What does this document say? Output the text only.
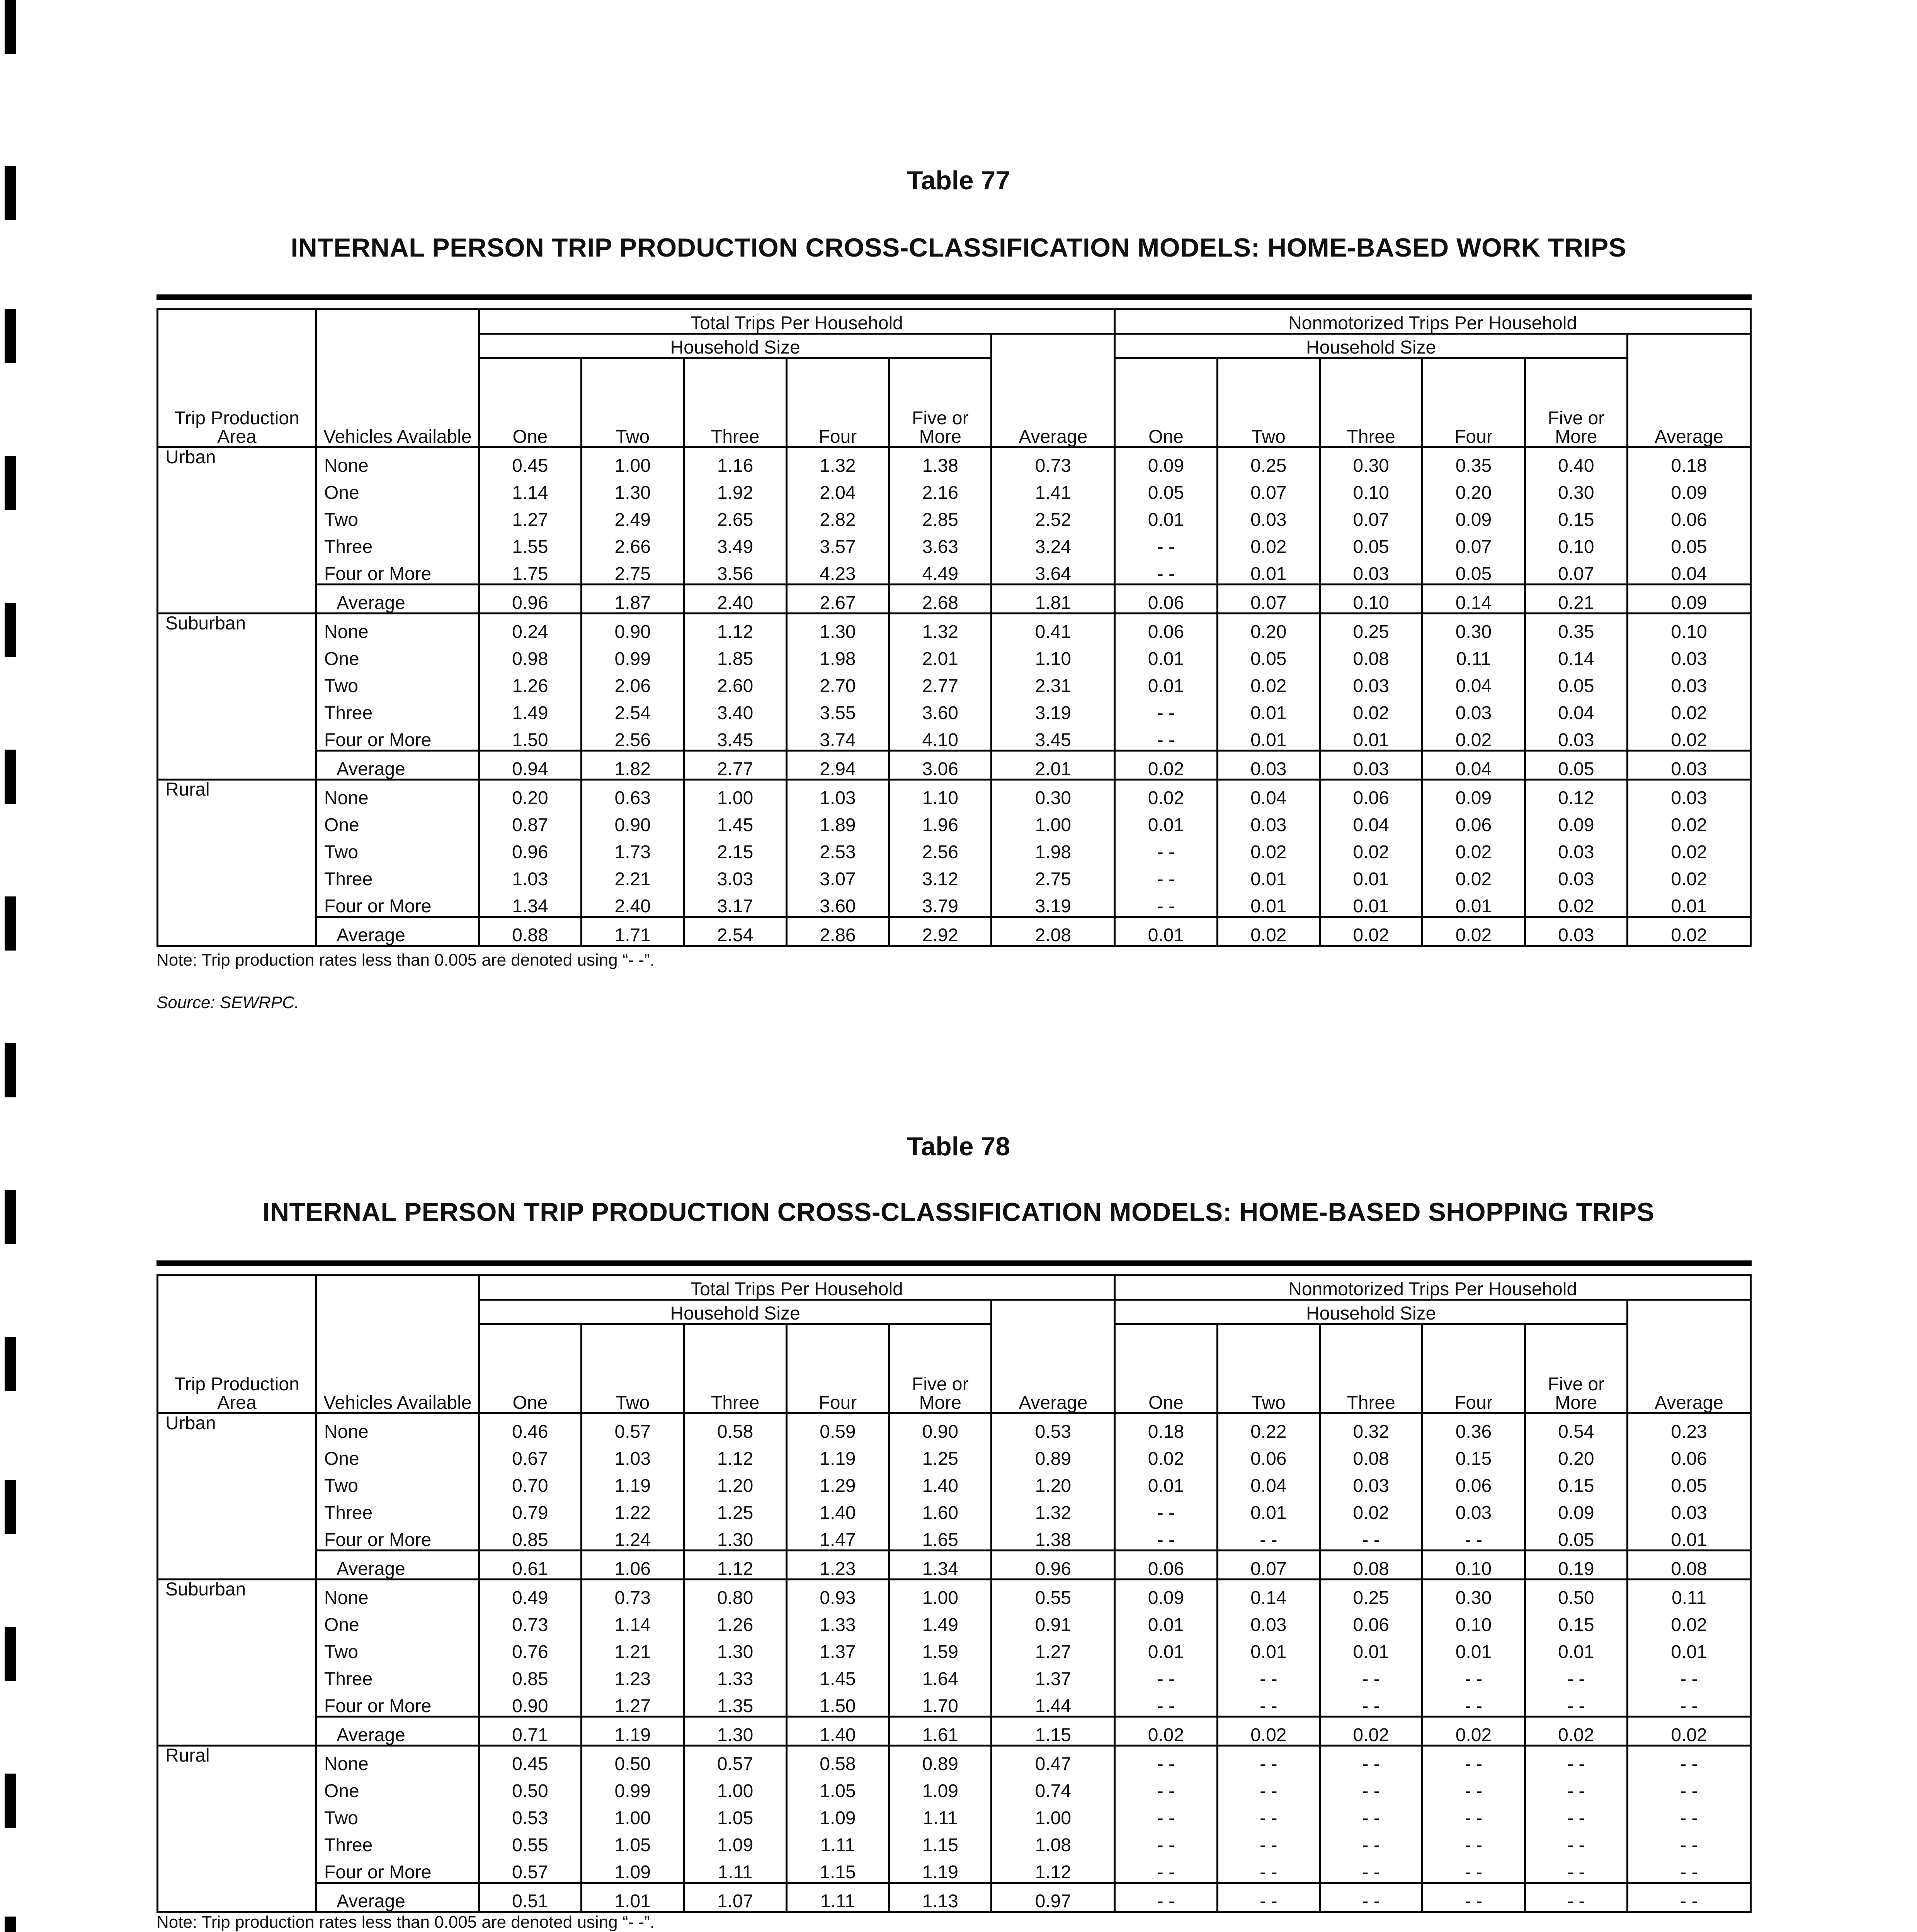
Table 77
INTERNAL PERSON TRIP PRODUCTION CROSS-CLASSIFICATION MODELS: HOME-BASED WORK TRIPS
		Total Trips Per Household						Nonmotorized Trips Per Household					
		Household Size						Household Size					

Trip Production Area	Vehicles Available	One	Two	Three	Four	Five or More	Average	One	Two	Three	Four	Five or More	Average
Urban	None	0.45	1.00	1.16	1.32	1.38	0.73	0.09	0.25	0.30	0.35	0.40	0.18
	One	1.14	1.30	1.92	2.04	2.16	1.41	0.05	0.07	0.10	0.20	0.30	0.09
	Two	1.27	2.49	2.65	2.82	2.85	2.52	0.01	0.03	0.07	0.09	0.15	0.06
	Three	1.55	2.66	3.49	3.57	3.63	3.24	- -	0.02	0.05	0.07	0.10	0.05
	Four or More	1.75	2.75	3.56	4.23	4.49	3.64	- -	0.01	0.03	0.05	0.07	0.04
	Average	0.96	1.87	2.40	2.67	2.68	1.81	0.06	0.07	0.10	0.14	0.21	0.09
Suburban	None	0.24	0.90	1.12	1.30	1.32	0.41	0.06	0.20	0.25	0.30	0.35	0.10
	One	0.98	0.99	1.85	1.98	2.01	1.10	0.01	0.05	0.08	0.11	0.14	0.03
	Two	1.26	2.06	2.60	2.70	2.77	2.31	0.01	0.02	0.03	0.04	0.05	0.03
	Three	1.49	2.54	3.40	3.55	3.60	3.19	- -	0.01	0.02	0.03	0.04	0.02
	Four or More	1.50	2.56	3.45	3.74	4.10	3.45	- -	0.01	0.01	0.02	0.03	0.02
	Average	0.94	1.82	2.77	2.94	3.06	2.01	0.02	0.03	0.03	0.04	0.05	0.03
Rural	None	0.20	0.63	1.00	1.03	1.10	0.30	0.02	0.04	0.06	0.09	0.12	0.03
	One	0.87	0.90	1.45	1.89	1.96	1.00	0.01	0.03	0.04	0.06	0.09	0.02
	Two	0.96	1.73	2.15	2.53	2.56	1.98	- -	0.02	0.02	0.02	0.03	0.02
	Three	1.03	2.21	3.03	3.07	3.12	2.75	- -	0.01	0.01	0.02	0.03	0.02
	Four or More	1.34	2.40	3.17	3.60	3.79	3.19	- -	0.01	0.01	0.01	0.02	0.01
	Average	0.88	1.71	2.54	2.86	2.92	2.08	0.01	0.02	0.02	0.02	0.03	0.02
Note: Trip production rates less than 0.005 are denoted using “- -”.
Source: SEWRPC.
Table 78
INTERNAL PERSON TRIP PRODUCTION CROSS-CLASSIFICATION MODELS: HOME-BASED SHOPPING TRIPS
		Total Trips Per Household						Nonmotorized Trips Per Household					
		Household Size						Household Size					

Trip Production Area	Vehicles Available	One	Two	Three	Four	Five or More	Average	One	Two	Three	Four	Five or More	Average
Urban	None	0.46	0.57	0.58	0.59	0.90	0.53	0.18	0.22	0.32	0.36	0.54	0.23
	One	0.67	1.03	1.12	1.19	1.25	0.89	0.02	0.06	0.08	0.15	0.20	0.06
	Two	0.70	1.19	1.20	1.29	1.40	1.20	0.01	0.04	0.03	0.06	0.15	0.05
	Three	0.79	1.22	1.25	1.40	1.60	1.32	- -	0.01	0.02	0.03	0.09	0.03
	Four or More	0.85	1.24	1.30	1.47	1.65	1.38	- -	- -	- -	- -	0.05	0.01
	Average	0.61	1.06	1.12	1.23	1.34	0.96	0.06	0.07	0.08	0.10	0.19	0.08
Suburban	None	0.49	0.73	0.80	0.93	1.00	0.55	0.09	0.14	0.25	0.30	0.50	0.11
	One	0.73	1.14	1.26	1.33	1.49	0.91	0.01	0.03	0.06	0.10	0.15	0.02
	Two	0.76	1.21	1.30	1.37	1.59	1.27	0.01	0.01	0.01	0.01	0.01	0.01
	Three	0.85	1.23	1.33	1.45	1.64	1.37	- -	- -	- -	- -	- -	- -
	Four or More	0.90	1.27	1.35	1.50	1.70	1.44	- -	- -	- -	- -	- -	- -
	Average	0.71	1.19	1.30	1.40	1.61	1.15	0.02	0.02	0.02	0.02	0.02	0.02
Rural	None	0.45	0.50	0.57	0.58	0.89	0.47	- -	- -	- -	- -	- -	- -
	One	0.50	0.99	1.00	1.05	1.09	0.74	- -	- -	- -	- -	- -	- -
	Two	0.53	1.00	1.05	1.09	1.11	1.00	- -	- -	- -	- -	- -	- -
	Three	0.55	1.05	1.09	1.11	1.15	1.08	- -	- -	- -	- -	- -	- -
	Four or More	0.57	1.09	1.11	1.15	1.19	1.12	- -	- -	- -	- -	- -	- -
	Average	0.51	1.01	1.07	1.11	1.13	0.97	- -	- -	- -	- -	- -	- -
Note: Trip production rates less than 0.005 are denoted using “- -”.
